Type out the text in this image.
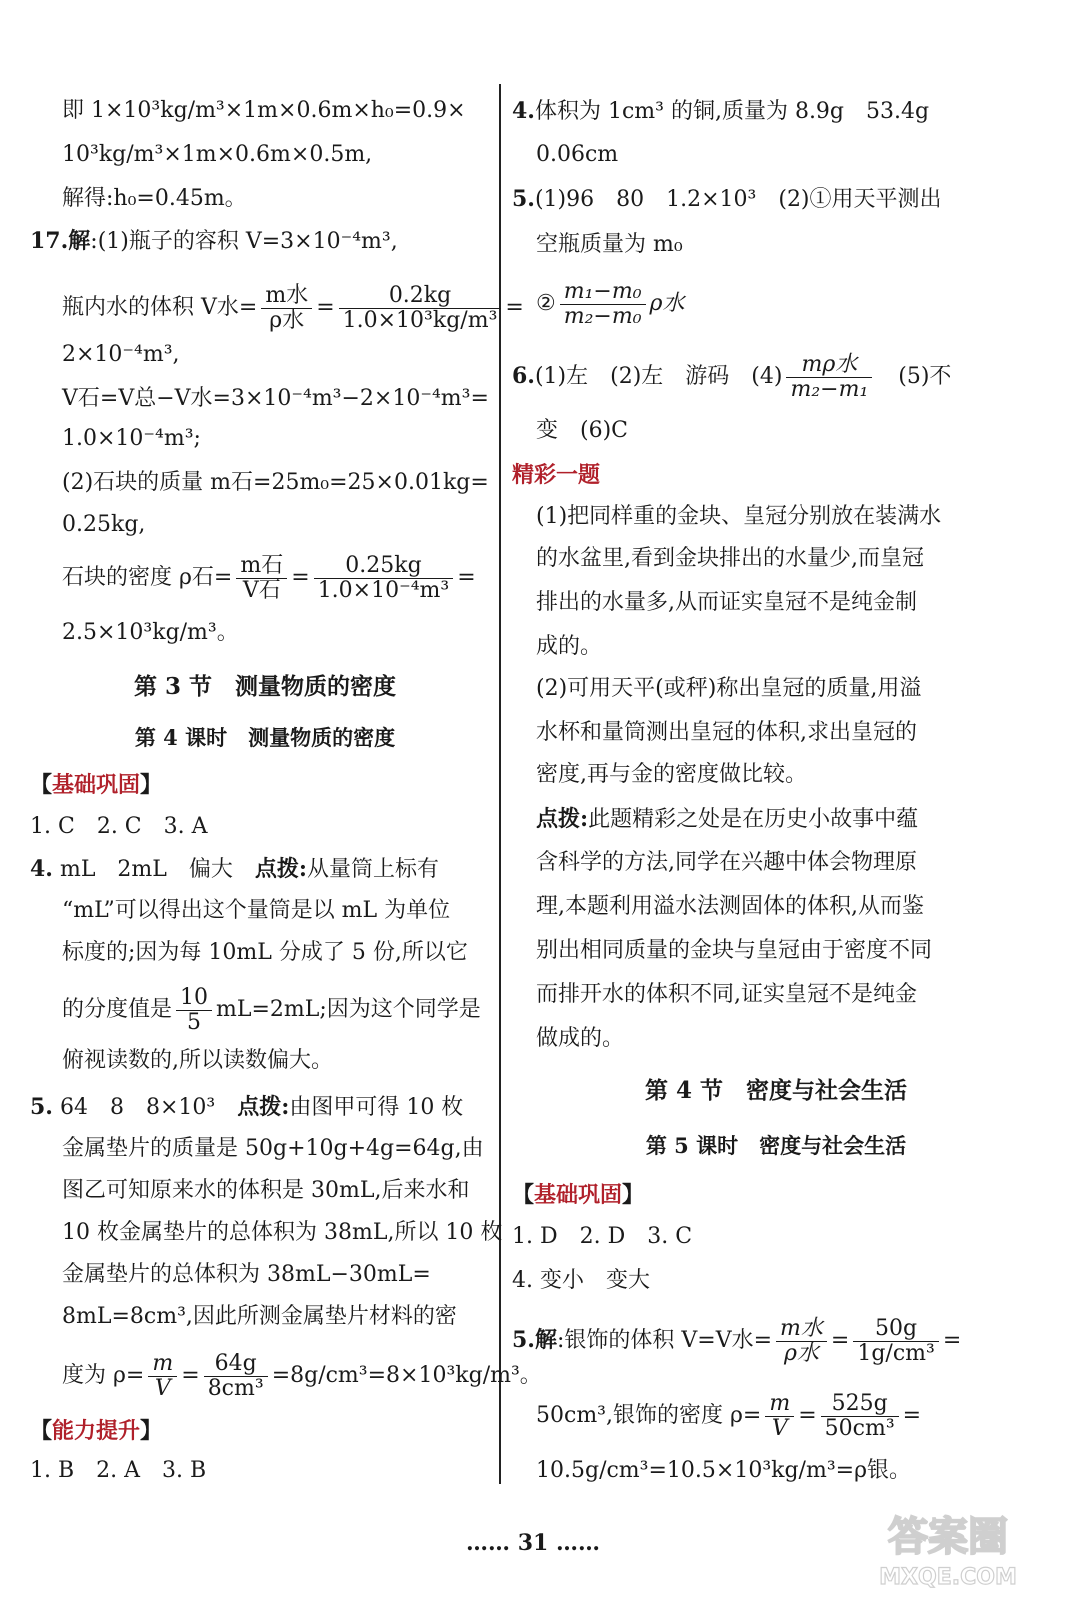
即 1×10³kg/m³×1m×0.6m×h₀=0.9×
10³kg/m³×1m×0.6m×0.5m,
解得:h₀=0.45m。
17.解:(1)瓶子的容积 V=3×10⁻⁴m³,
瓶内水的体积 V水= $\frac{\text{m水}}{\text{ρ水}} = \frac{0.2kg}{\text{1.0×10³kg/m³}}$ =
2×10⁻⁴m³,
V石=V总−V水=3×10⁻⁴m³−2×10⁻⁴m³=
1.0×10⁻⁴m³;
(2)石块的质量 m石=25m₀=25×0.01kg=
0.25kg,
石块的密度 ρ石= $\frac{\text{m石}}{\text{V石}} = \frac{0.25kg}{\text{1.0×10⁻⁴m³}}$ =
2.5×10³kg/m³。
第 3 节　测量物质的密度
第 4 课时　测量物质的密度
【基础巩固】
1. C　2. C　3. A
4. mL　2mL　偏大　点拨:从量筒上标有
“mL”可以得出这个量筒是以 mL 为单位
标度的;因为每 10mL 分成了 5 份,所以它
的分度值是 $\frac{10}{5} mL=2mL$;因为这个同学是
俯视读数的,所以读数偏大。
5. 64　8　8×10³　点拨:由图甲可得 10 枚
金属垫片的质量是 50g+10g+4g=64g,由
图乙可知原来水的体积是 30mL,后来水和
10 枚金属垫片的总体积为 38mL,所以 10 枚
金属垫片的总体积为 38mL−30mL=
8mL=8cm³,因此所测金属垫片材料的密
度为 $\rho= \frac{m}{V} = \frac{64g}{\text{8cm³}} =8g/cm^3=8\times 10^3kg/m^3$。
【能力提升】
1. B　2. A　3. B
4.体积为 1cm³ 的铜,质量为 8.9g　53.4g
0.06cm
5.(1)96　80　1.2×10³　(2)①用天平测出
空瓶质量为 m₀
② $\frac{\text{m₁−m₀}}{\text{m₂−m₀}}$ ρ水
6.(1)左　(2)左　游码　$(4) \frac{\text{mρ水}}{\text{m₂−m₁}}$ 　(5)不
变　(6)C
精彩一题
(1)把同样重的金块、皇冠分别放在装满水
的水盆里,看到金块排出的水量少,而皇冠
排出的水量多,从而证实皇冠不是纯金制
成的。
(2)可用天平(或秤)称出皇冠的质量,用溢
水杯和量筒测出皇冠的体积,求出皇冠的
密度,再与金的密度做比较。
点拨:此题精彩之处是在历史小故事中蕴
含科学的方法,同学在兴趣中体会物理原
理,本题利用溢水法测固体的体积,从而鉴
别出相同质量的金块与皇冠由于密度不同
而排开水的体积不同,证实皇冠不是纯金
做成的。
第 4 节　密度与社会生活
第 5 课时　密度与社会生活
【基础巩固】
1. D　2. D　3. C
4. 变小　变大
5.解:银饰的体积 V=V水= $\frac{\text{m水}}{\text{ρ水}} = \frac{50g}{\text{1g/cm³}}$ =
50cm³,银饰的密度 $\rho= \frac{m}{V} = \frac{525g}{\text{50cm³}}$ =
10.5g/cm³=10.5×10³kg/m³=ρ银。
…… 31 ……	答案圈
MXQE.COM
